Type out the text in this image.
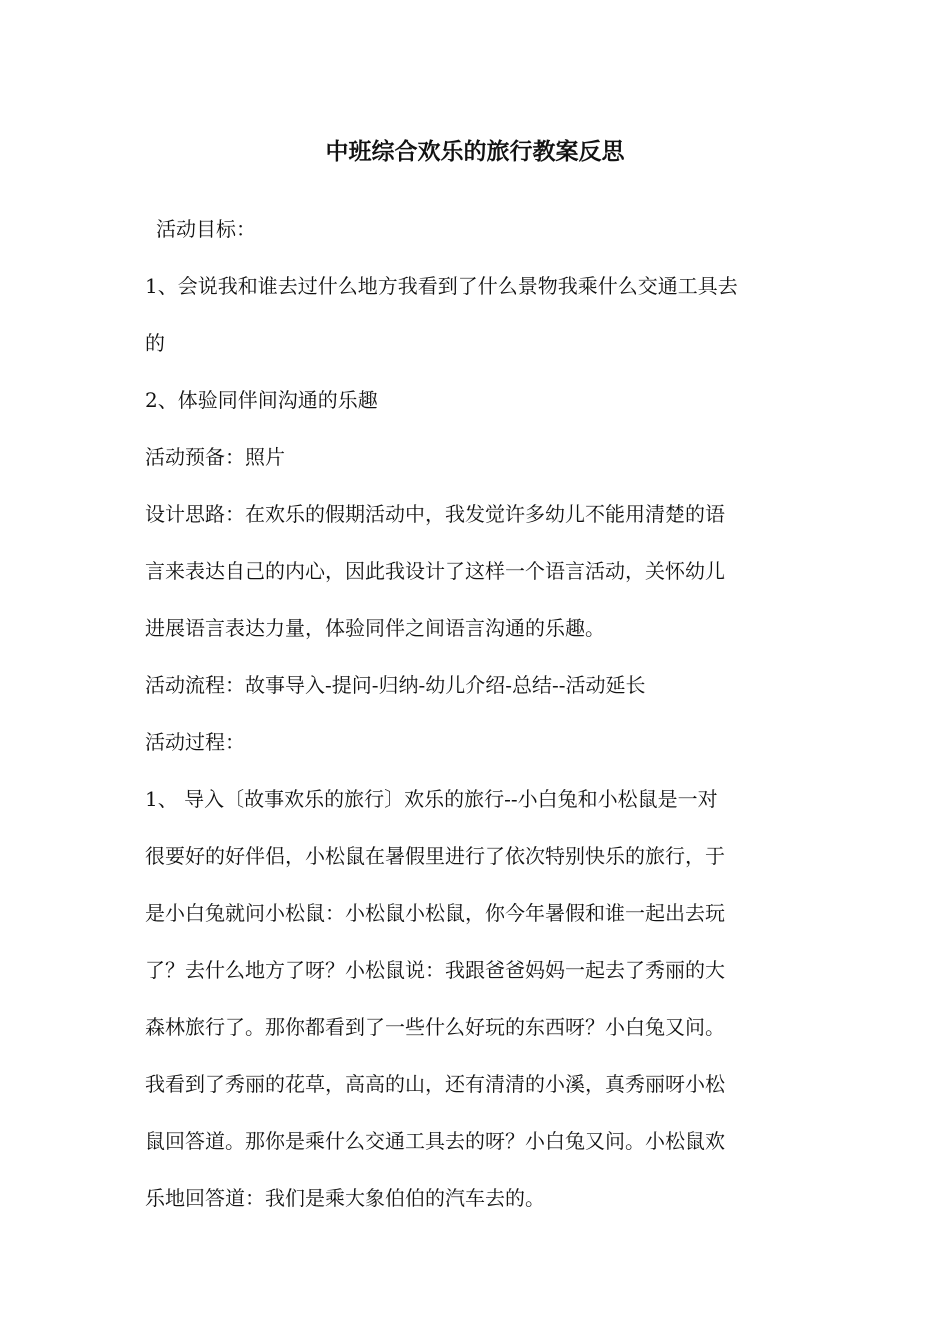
中班综合欢乐的旅行教案反思
活动目标：
1、会说我和谁去过什么地方我看到了什么景物我乘什么交通工具去
的
2、体验同伴间沟通的乐趣
活动预备：照片
设计思路：在欢乐的假期活动中，我发觉许多幼儿不能用清楚的语
言来表达自己的内心，因此我设计了这样一个语言活动，关怀幼儿
进展语言表达力量，体验同伴之间语言沟通的乐趣。
活动流程：故事导入-提问-归纳-幼儿介绍-总结--活动延长
活动过程：
1、 导入〔故事欢乐的旅行〕欢乐的旅行--小白兔和小松鼠是一对
很要好的好伴侣，小松鼠在暑假里进行了依次特别快乐的旅行，于
是小白兔就问小松鼠：小松鼠小松鼠，你今年暑假和谁一起出去玩
了？去什么地方了呀？小松鼠说：我跟爸爸妈妈一起去了秀丽的大
森林旅行了。那你都看到了一些什么好玩的东西呀？小白兔又问。
我看到了秀丽的花草，高高的山，还有清清的小溪，真秀丽呀小松
鼠回答道。那你是乘什么交通工具去的呀？小白兔又问。小松鼠欢
乐地回答道：我们是乘大象伯伯的汽车去的。
